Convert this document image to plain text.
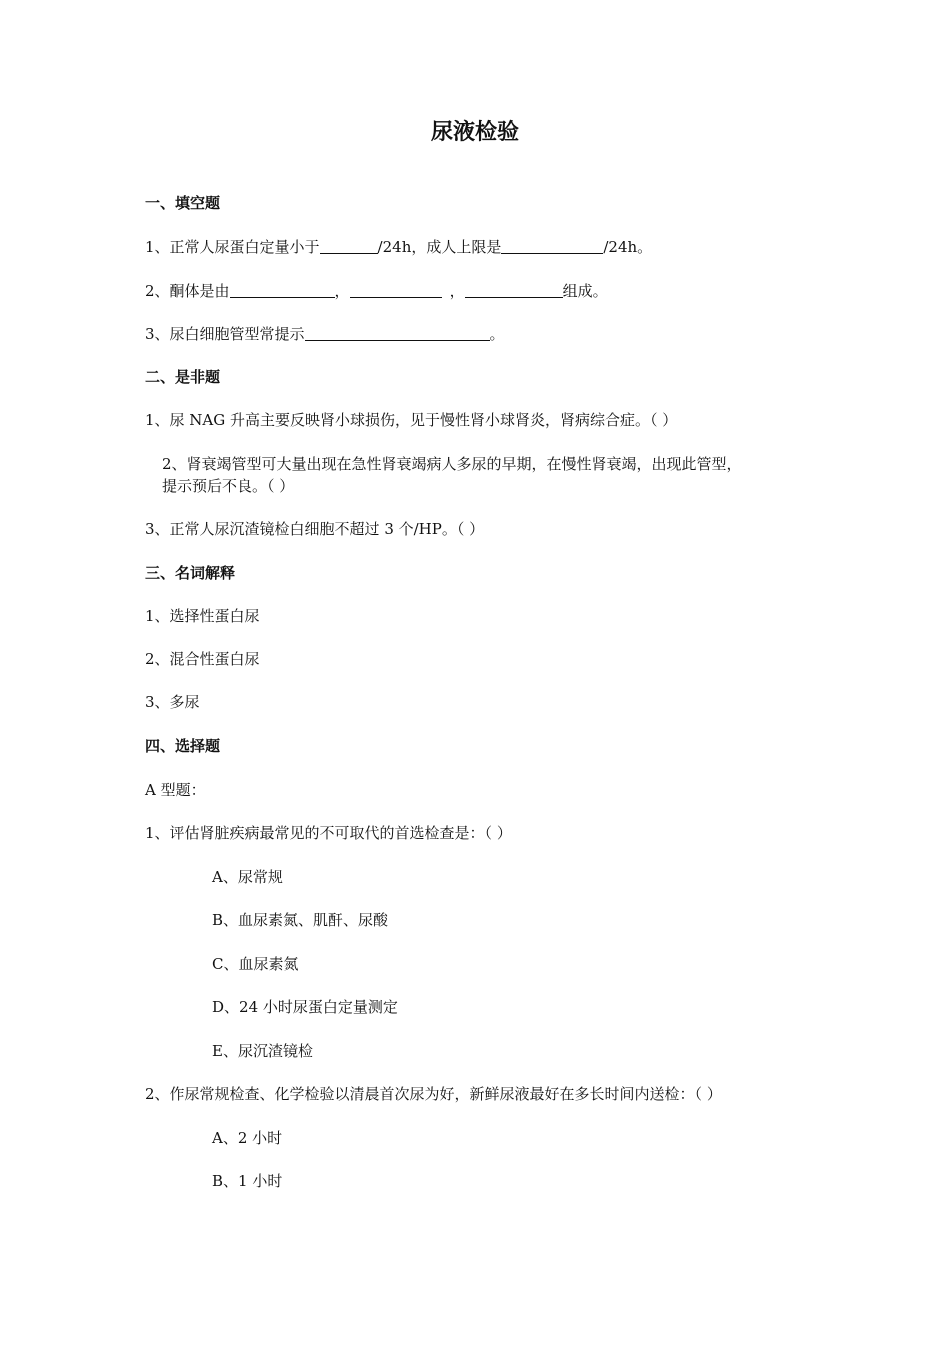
尿液检验
一、填空题
1、正常人尿蛋白定量小于	/24h，成人上限是	/24h。
2、酮体是由	，	，	组成。
3、尿白细胞管型常提示	。
二、是非题
1、尿 NAG 升高主要反映肾小球损伤，见于慢性肾小球肾炎，肾病综合症。（ ）
2、肾衰竭管型可大量出现在急性肾衰竭病人多尿的早期，在慢性肾衰竭，出现此管型，
提示预后不良。（ ）
3、正常人尿沉渣镜检白细胞不超过 3 个/HP。（ ）
三、名词解释
1、选择性蛋白尿
2、混合性蛋白尿
3、多尿
四、选择题
A 型题：
1、评估肾脏疾病最常见的不可取代的首选检查是：（ ）
A、尿常规
B、血尿素氮、肌酐、尿酸
C、血尿素氮
D、24 小时尿蛋白定量测定
E、尿沉渣镜检
2、作尿常规检查、化学检验以清晨首次尿为好，新鲜尿液最好在多长时间内送检：（ ）
A、2 小时
B、1 小时
